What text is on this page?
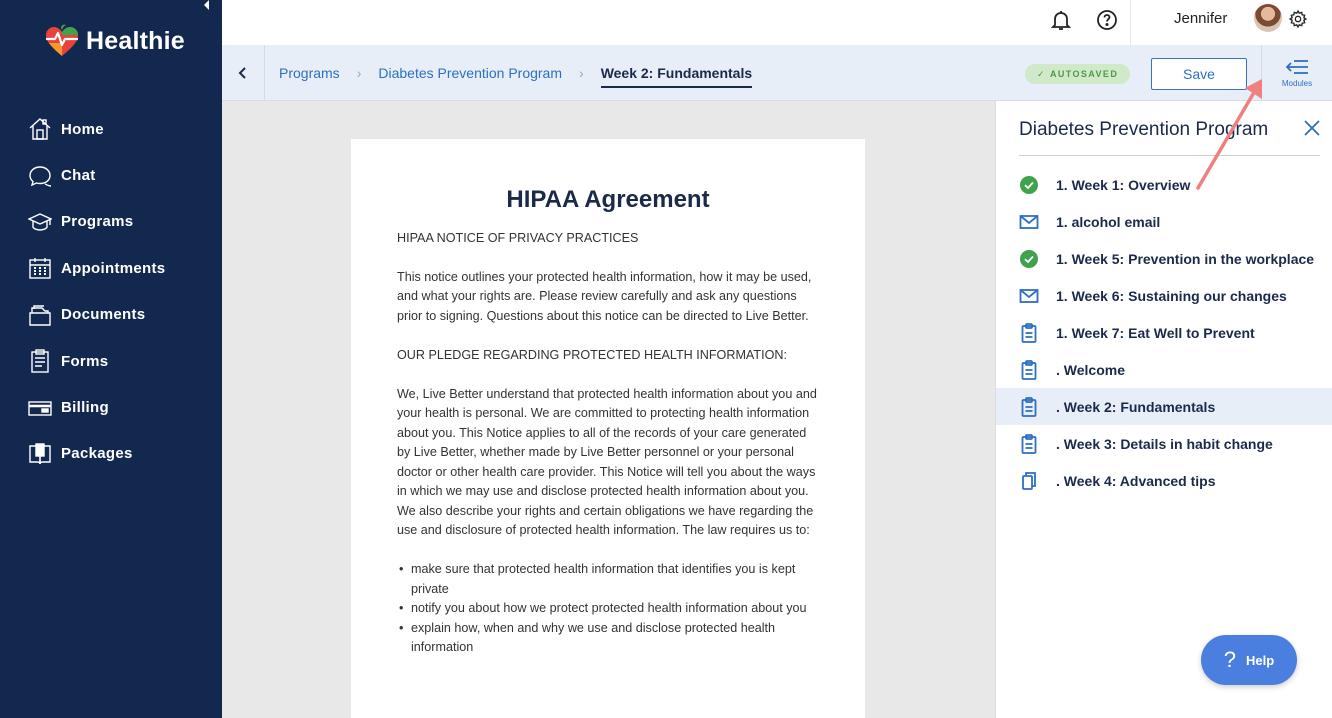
Healthie
Home
Chat
Programs
Appointments
Documents
Forms
Billing
Packages
Jennifer
Programs › Diabetes Prevention Program › Week 2: Fundamentals	✓ AUTOSAVED	Save
Modules
HIPAA Agreement

HIPAA NOTICE OF PRIVACY PRACTICES

This notice outlines your protected health information, how it may be used, and what your rights are. Please review carefully and ask any questions prior to signing. Questions about this notice can be directed to Live Better.

OUR PLEDGE REGARDING PROTECTED HEALTH INFORMATION:

We, Live Better understand that protected health information about you and your health is personal. We are committed to protecting health information about you. This Notice applies to all of the records of your care generated by Live Better, whether made by Live Better personnel or your personal doctor or other health care provider. This Notice will tell you about the ways in which we may use and disclose protected health information about you. We also describe your rights and certain obligations we have regarding the use and disclosure of protected health information. The law requires us to:

• make sure that protected health information that identifies you is kept private
• notify you about how we protect protected health information about you
• explain how, when and why we use and disclose protected health information
Diabetes Prevention Program
1. Week 1: Overview
1. alcohol email
1. Week 5: Prevention in the workplace
1. Week 6: Sustaining our changes
1. Week 7: Eat Well to Prevent
. Welcome
. Week 2: Fundamentals
. Week 3: Details in habit change
. Week 4: Advanced tips
? Help
